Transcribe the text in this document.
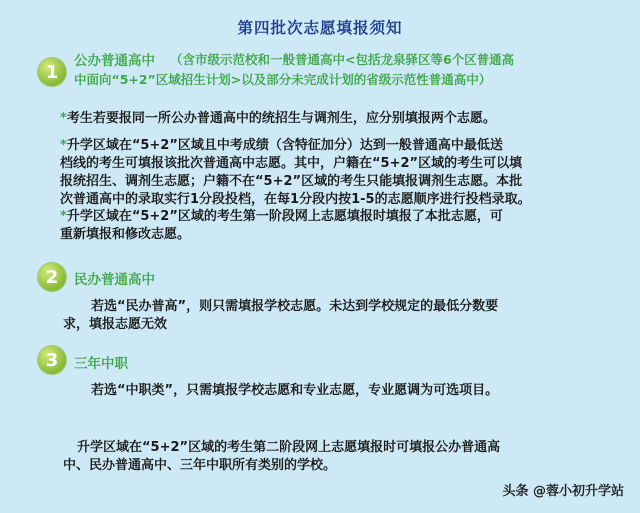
第四批次志愿填报须知
1
公办普通高中 （含市级示范校和一般普通高中<包括龙泉驿区等6个区普通高
中面向“5+2”区域招生计划>以及部分未完成计划的省级示范性普通高中）
*考生若要报同一所公办普通高中的统招生与调剂生，应分别填报两个志愿。
*升学区域在“5+2”区域且中考成绩（含特征加分）达到一般普通高中最低送
档线的考生可填报该批次普通高中志愿。其中，户籍在“5+2”区域的考生可以填
报统招生、调剂生志愿；户籍不在“5+2”区域的考生只能填报调剂生志愿。本批
次普通高中的录取实行1分段投档，在每1分段内按1-5的志愿顺序进行投档录取。
*升学区域在“5+2”区域的考生第一阶段网上志愿填报时填报了本批志愿，可
重新填报和修改志愿。
2	民办普通高中
若选“民办普高”，则只需填报学校志愿。未达到学校规定的最低分数要
求，填报志愿无效
3	三年中职
若选“中职类”，只需填报学校志愿和专业志愿，专业愿调为可选项目。
升学区域在“5+2”区域的考生第二阶段网上志愿填报时可填报公办普通高
中、民办普通高中、三年中职所有类别的学校。
头条 @蓉小初升学站
